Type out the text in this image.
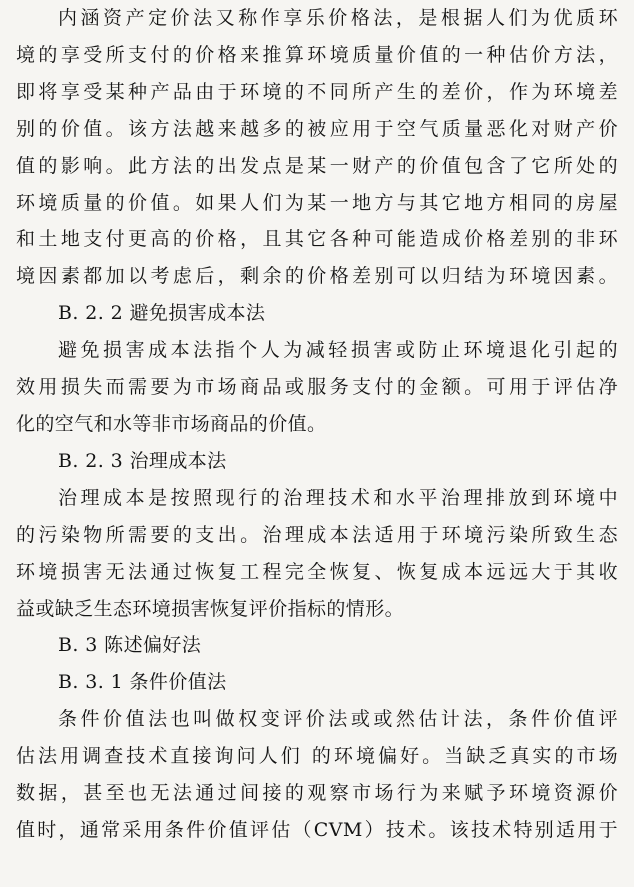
内涵资产定价法又称作享乐价格法，是根据人们为优质环

境的享受所支付的价格来推算环境质量价值的一种估价方法，

即将享受某种产品由于环境的不同所产生的差价，作为环境差

别的价值。该方法越来越多的被应用于空气质量恶化对财产价

值的影响。此方法的出发点是某一财产的价值包含了它所处的

环境质量的价值。如果人们为某一地方与其它地方相同的房屋

和土地支付更高的价格，且其它各种可能造成价格差别的非环

境因素都加以考虑后，剩余的价格差别可以归结为环境因素。

B. 2. 2 避免损害成本法

避免损害成本法指个人为减轻损害或防止环境退化引起的

效用损失而需要为市场商品或服务支付的金额。可用于评估净

化的空气和水等非市场商品的价值。

B. 2. 3 治理成本法

治理成本是按照现行的治理技术和水平治理排放到环境中

的污染物所需要的支出。治理成本法适用于环境污染所致生态

环境损害无法通过恢复工程完全恢复、恢复成本远远大于其收

益或缺乏生态环境损害恢复评价指标的情形。

B. 3 陈述偏好法

B. 3. 1 条件价值法

条件价值法也叫做权变评价法或或然估计法，条件价值评

估法用调查技术直接询问人们 的环境偏好。当缺乏真实的市场

数据，甚至也无法通过间接的观察市场行为来赋予环境资源价

值时，通常采用条件价值评估（CVM）技术。该技术特别适用于
